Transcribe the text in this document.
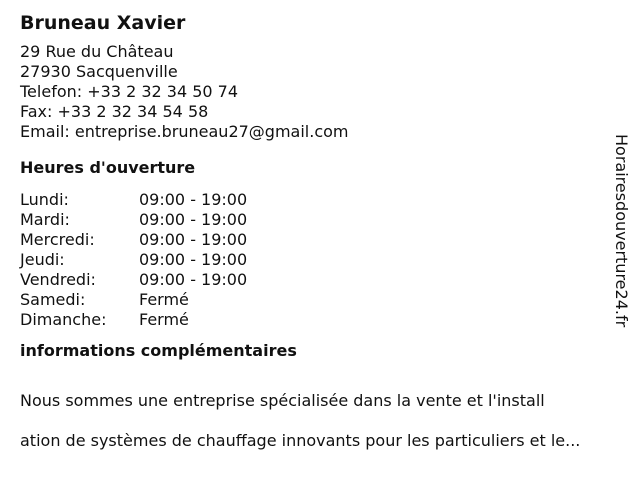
Bruneau Xavier
29 Rue du Château
27930 Sacquenville
Telefon: +33 2 32 34 50 74
Fax: +33 2 32 34 54 58
Email: entreprise.bruneau27@gmail.com
Heures d'ouverture
Lundi:	09:00 - 19:00
Mardi:	09:00 - 19:00
Mercredi:	09:00 - 19:00
Jeudi:	09:00 - 19:00
Vendredi:	09:00 - 19:00
Samedi:	Fermé
Dimanche:	Fermé
informations complémentaires

Nous sommes une entreprise spécialisée dans la vente et l'install

ation de systèmes de chauffage innovants pour les particuliers et le...

Horairesdouverture24.fr
